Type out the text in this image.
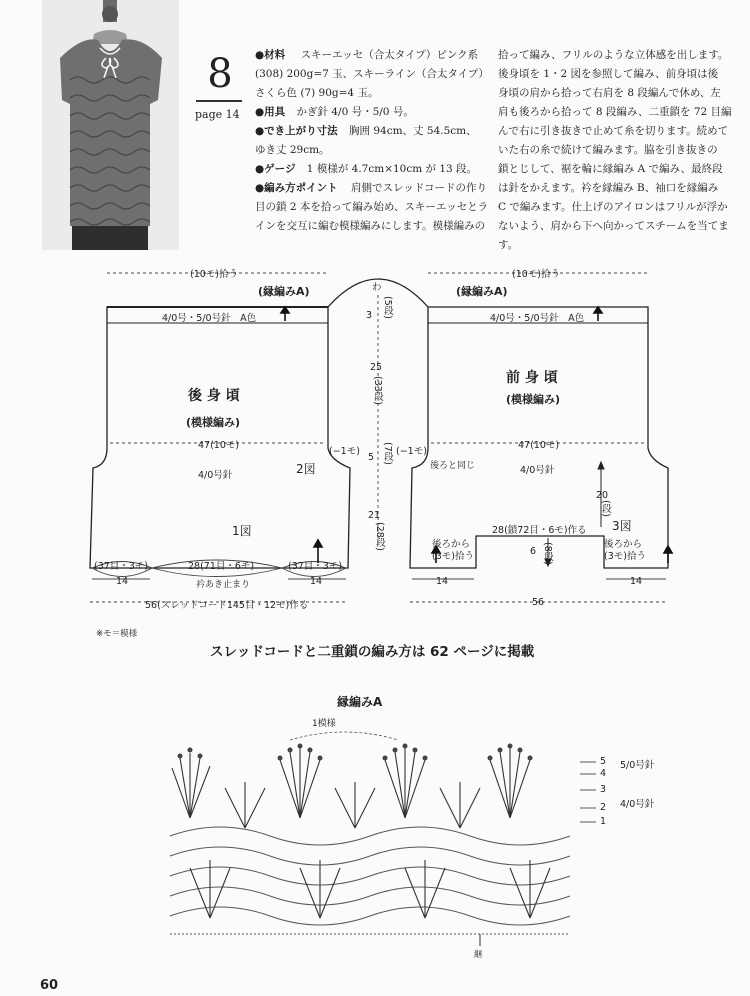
8
page 14
●材料 スキーエッセ（合太タイプ）ピンク系
(308) 200g=7 玉、スキーライン（合太タイプ）
さくら色 (7) 90g=4 玉。
●用具 かぎ針 4/0 号・5/0 号。
●でき上がり寸法 胸囲 94cm、丈 54.5cm、
ゆき丈 29cm。
●ゲージ 1 模様が 4.7cm×10cm が 13 段。
●編み方ポイント 肩側でスレッドコードの作り
目の鎖 2 本を拾って編み始め、スキーエッセとラ
インを交互に編む模様編みにします。模様編みの
拾って編み、フリルのような立体感を出します。
後身頃を 1・2 図を参照して編み、前身頃は後
身頃の肩から拾って右肩を 8 段編んで休め、左
肩も後ろから拾って 8 段編み、二重鎖を 72 目編
んで右に引き抜きで止めて糸を切ります。続めて
いた右の糸で続けて編みます。脇を引き抜きの
鎖とじして、裾を輪に縁編み A で編み、最終段
は針をかえます。衿を縁編み B、袖口を縁編み
C で編みます。仕上げのアイロンはフリルが浮か
ないよう、肩から下へ向かってスチームを当てま
す。
(10モ)拾う
(縁編みA)
4/0号・5/0号針　A色
後 身 頃
(模様編み)
47(10モ)
4/0号針	2図
1図
(37目・3モ)	28(71目・6モ)	(37目・3モ)
14	14
衿あき止まり
56(スレッドコード145目・12モ)作る
わ
3 (5段)
25
(33段)
(−1モ)	(−1モ)
5 (7段)
21
(28段)
(10モ)拾う
(縁編みA)
4/0号・5/0号針　A色
前 身 頃
(模様編み)
47(10モ)
後ろと同じ	4/0号針
20
(段)
3図
28(鎖72目・6モ)作る
後ろから
(3モ)拾う
後ろから
(3モ)拾う
6 (8段)
14	14
56
※モ＝模様
スレッドコードと二重鎖の編み方は 62 ページに掲載
縁編みA
1模様
5
4
3
2
1
5/0号針
4/0号針
継
60
